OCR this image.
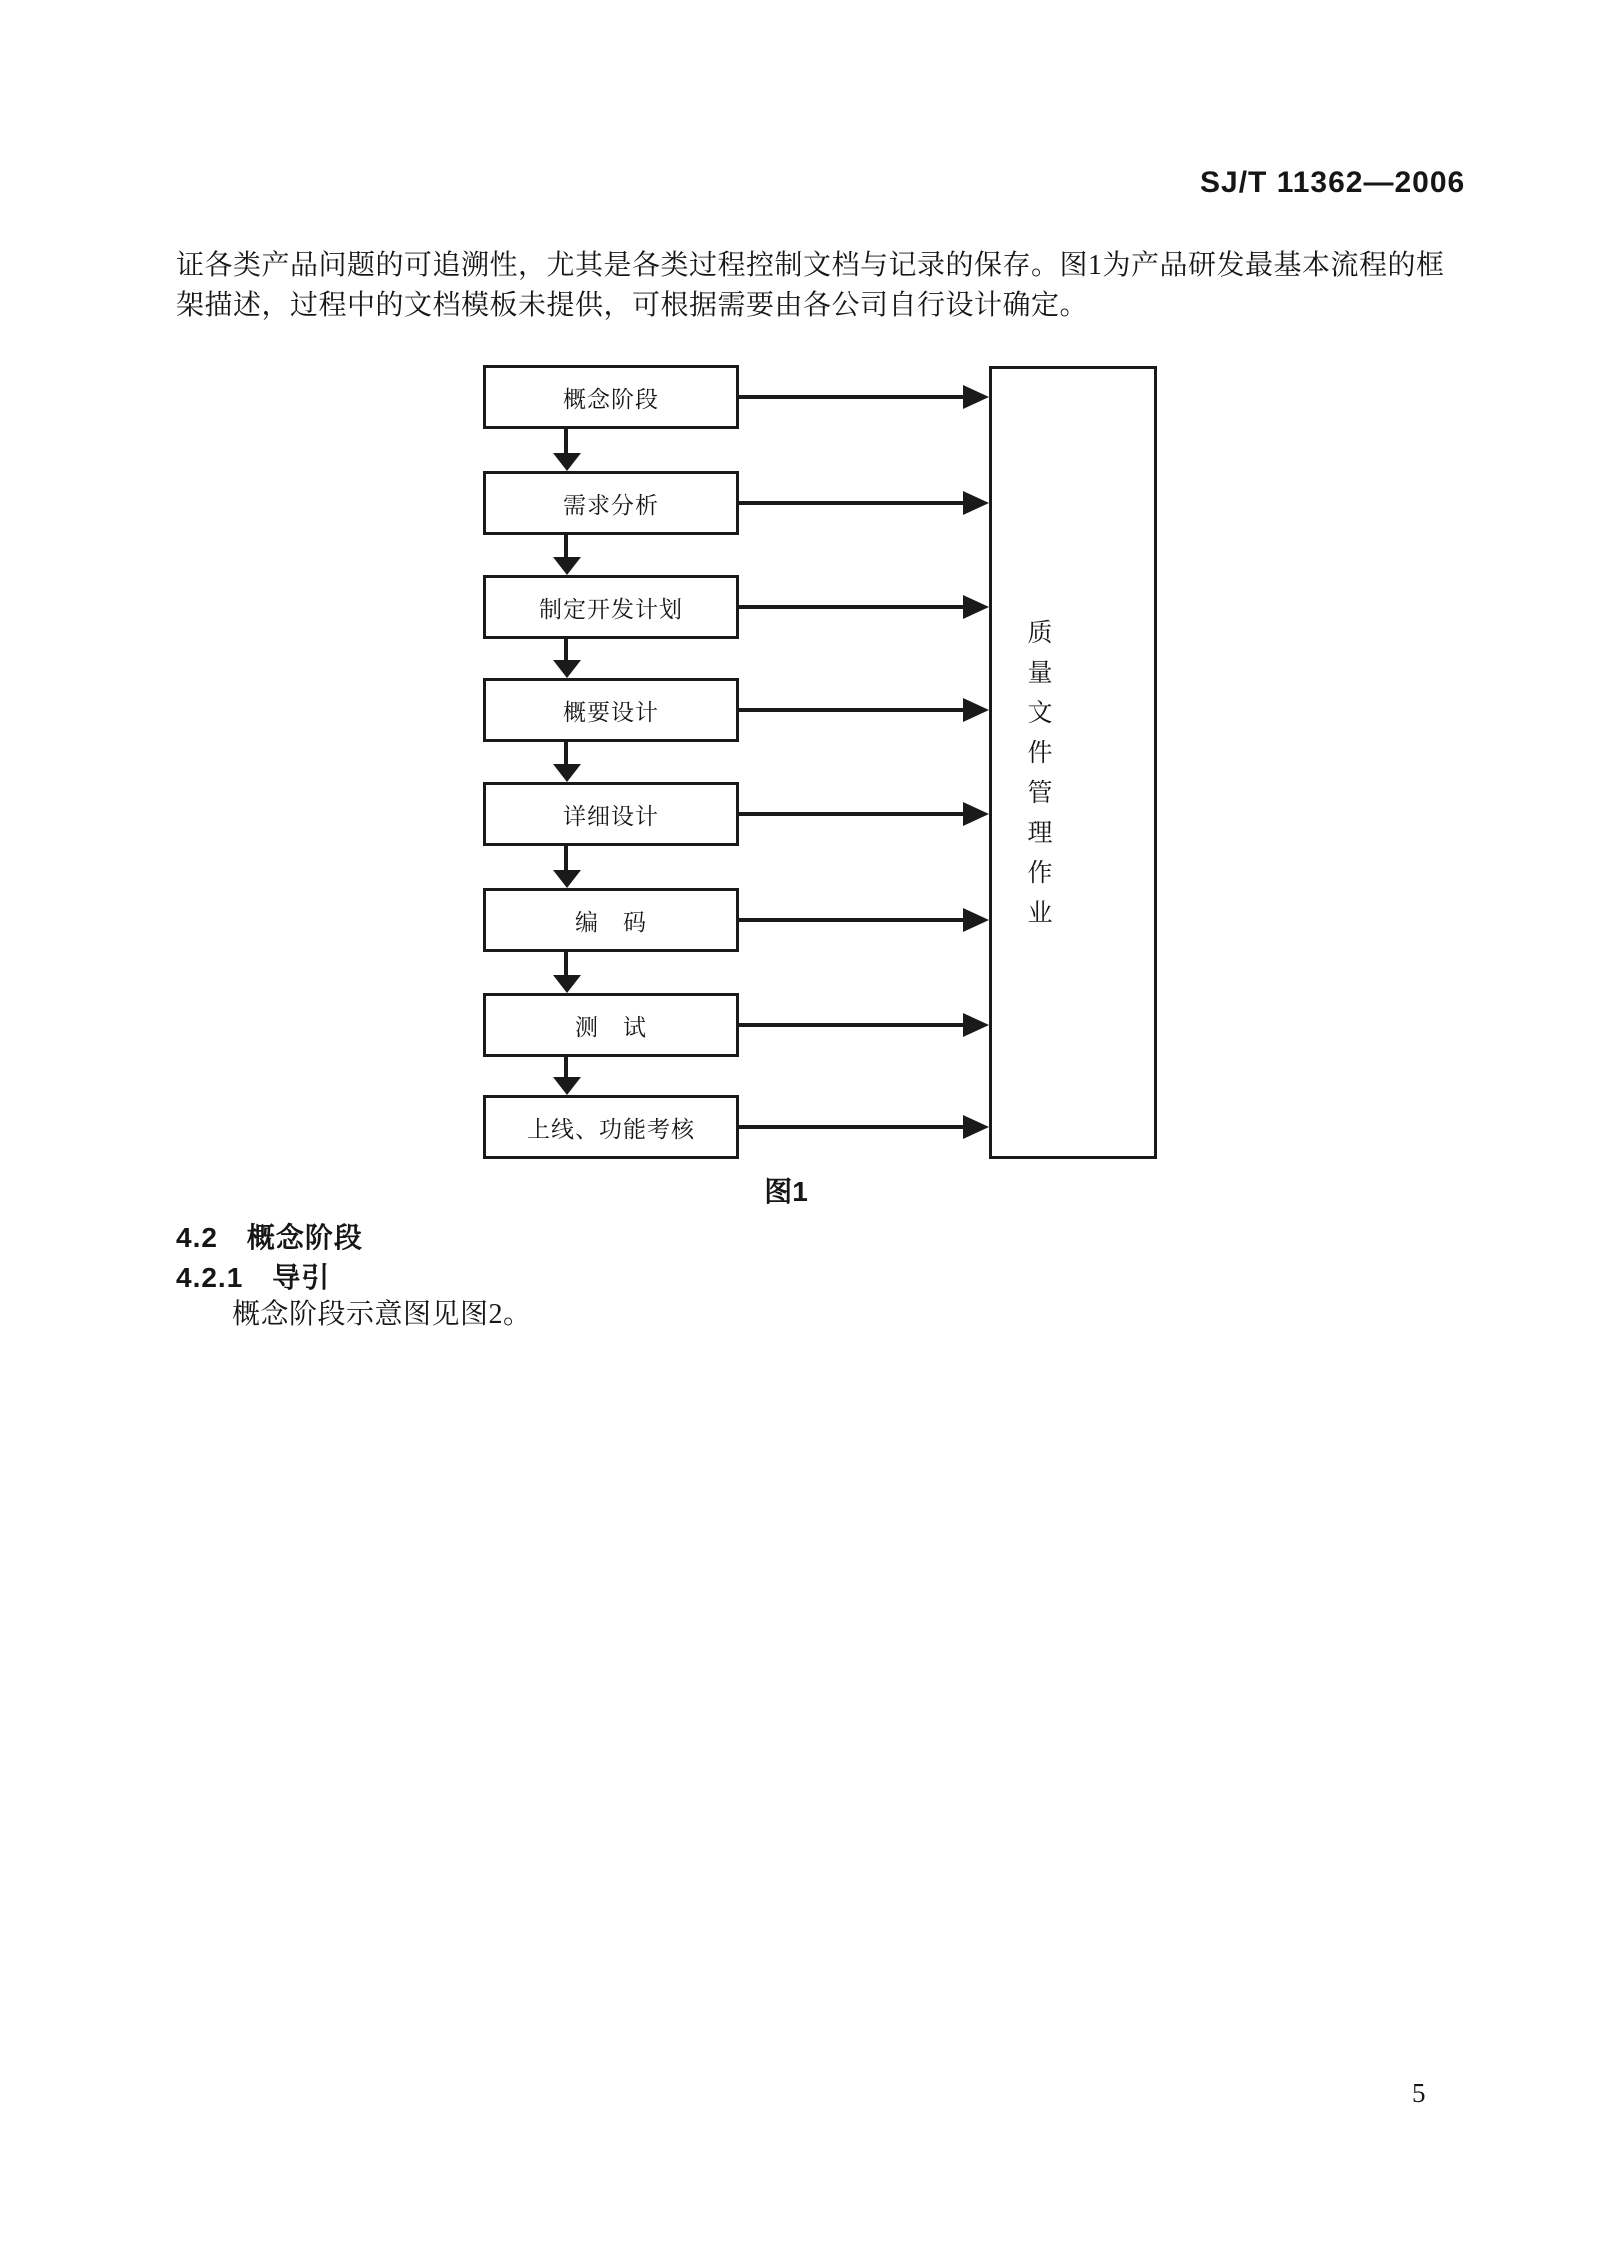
SJ/T 11362—2006
证各类产品问题的可追溯性，尤其是各类过程控制文档与记录的保存。图1为产品研发最基本流程的框
架描述，过程中的文档模板未提供，可根据需要由各公司自行设计确定。
概念阶段
需求分析
制定开发计划
概要设计
详细设计
编　码
测　试
上线、功能考核
质量文件管理作业
图1
4.2　概念阶段
4.2.1　导引
概念阶段示意图见图2。
5
